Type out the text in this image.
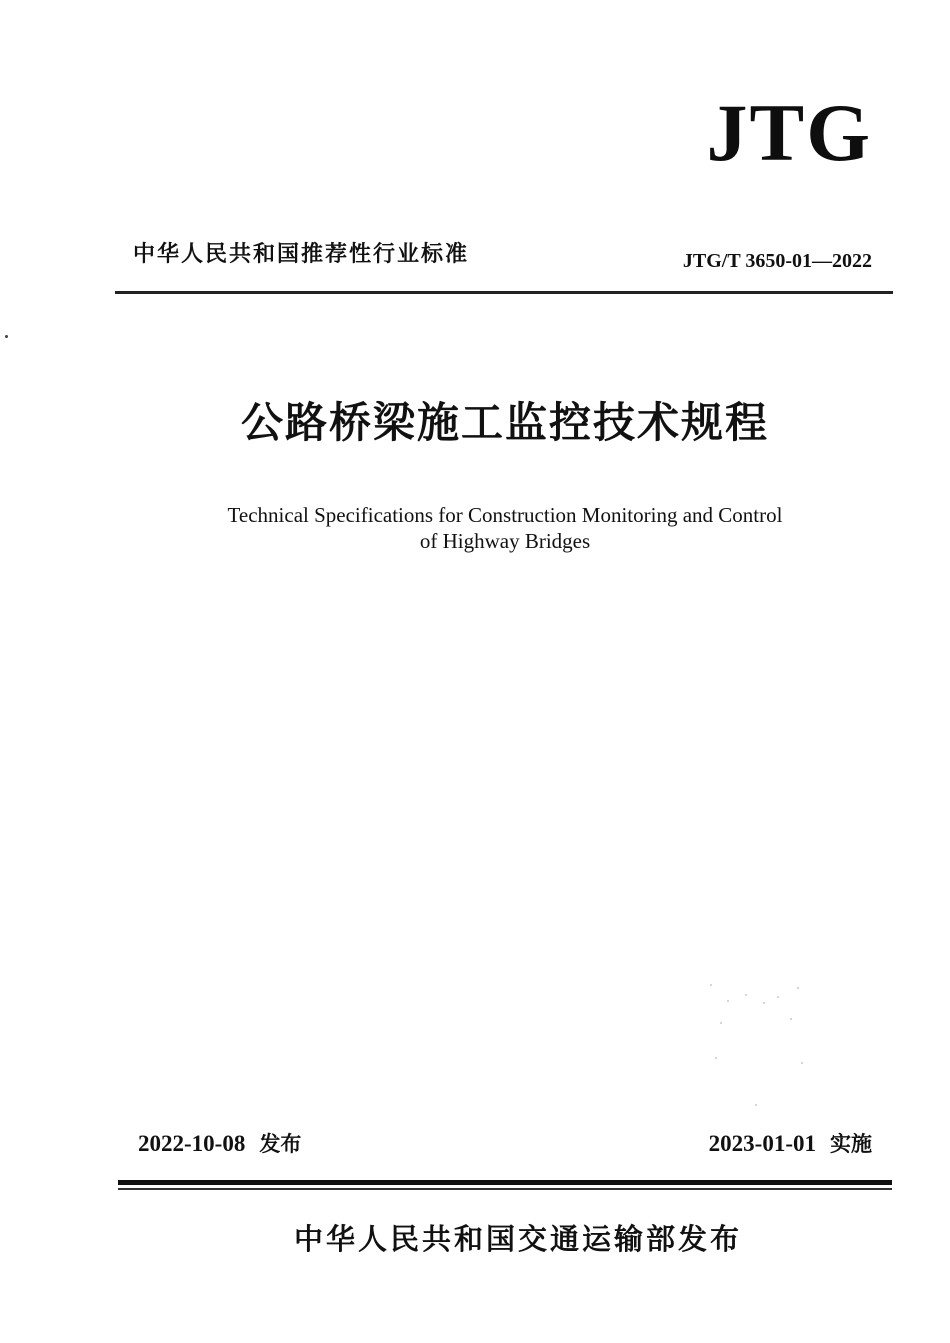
JTG
中华人民共和国推荐性行业标准	JTG/T 3650-01—2022
公路桥梁施工监控技术规程
Technical Specifications for Construction Monitoring and Control
of Highway Bridges
2022-10-08 发布	2023-01-01 实施
中华人民共和国交通运输部发布
